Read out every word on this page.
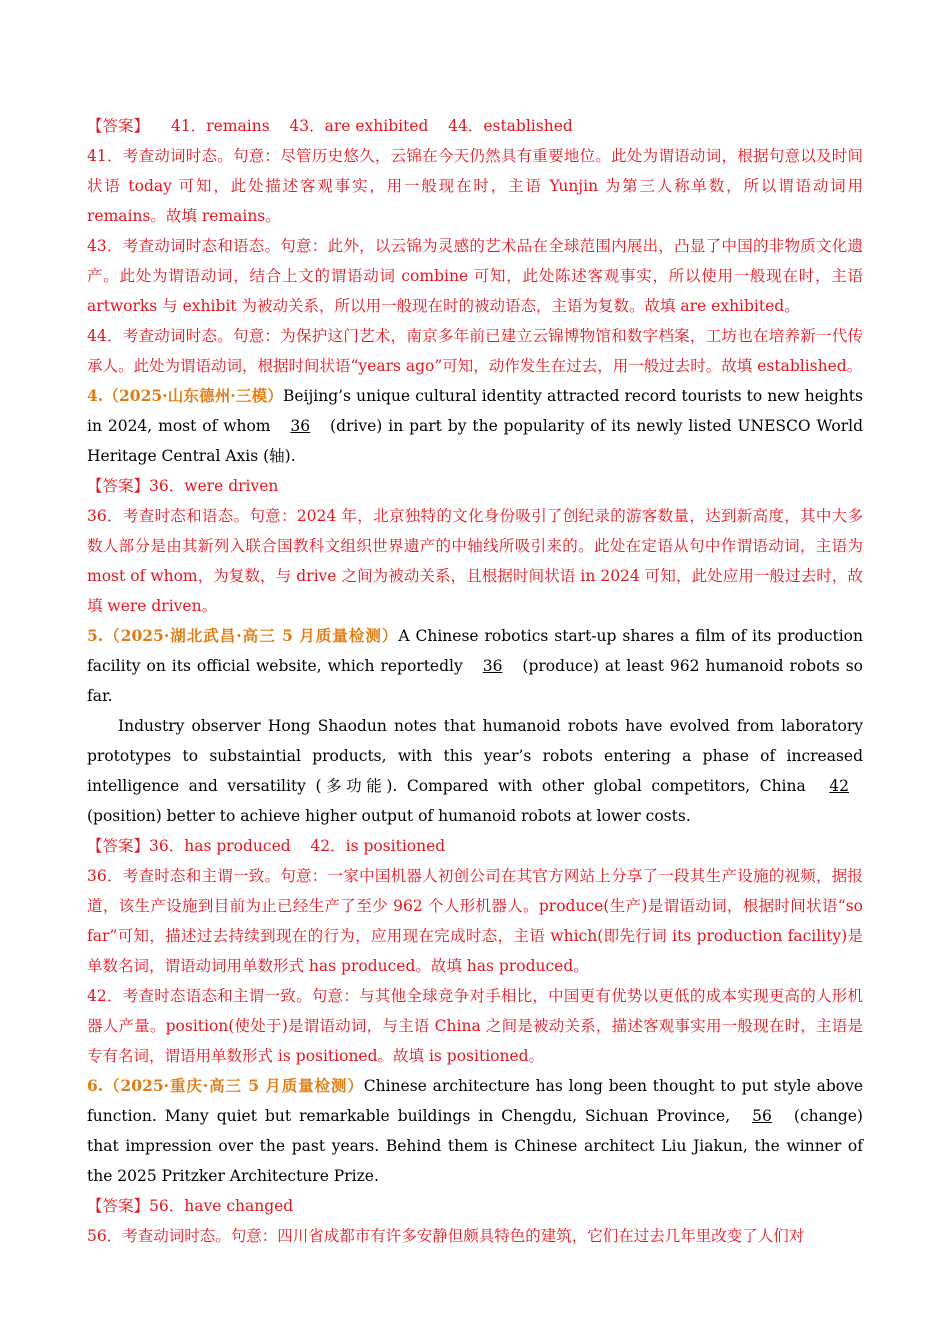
【答案】 41．remains    43．are exhibited    44．established

41．考查动词时态。句意：尽管历史悠久，云锦在今天仍然具有重要地位。此处为谓语动词，根据句意以及时间状语 today 可知，此处描述客观事实，用一般现在时，主语 Yunjin 为第三人称单数，所以谓语动词用 remains。故填 remains。

43．考查动词时态和语态。句意：此外，以云锦为灵感的艺术品在全球范围内展出，凸显了中国的非物质文化遗产。此处为谓语动词，结合上文的谓语动词 combine 可知，此处陈述客观事实，所以使用一般现在时，主语 artworks 与 exhibit 为被动关系，所以用一般现在时的被动语态，主语为复数。故填 are exhibited。

44．考查动词时态。句意：为保护这门艺术，南京多年前已建立云锦博物馆和数字档案，工坊也在培养新一代传承人。此处为谓语动词，根据时间状语“years ago”可知，动作发生在过去，用一般过去时。故填 established。

4.（2025·山东德州·三模）Beijing’s unique cultural identity attracted record tourists to new heights in 2024, most of whom 36 (drive) in part by the popularity of its newly listed UNESCO World Heritage Central Axis (轴).

【答案】36．were driven

36．考查时态和语态。句意：2024 年，北京独特的文化身份吸引了创纪录的游客数量，达到新高度，其中大多数人部分是由其新列入联合国教科文组织世界遗产的中轴线所吸引来的。此处在定语从句中作谓语动词，主语为 most of whom，为复数，与 drive 之间为被动关系，且根据时间状语 in 2024 可知，此处应用一般过去时，故填 were driven。

5.（2025·湖北武昌·高三 5 月质量检测）A Chinese robotics start-up shares a film of its production facility on its official website, which reportedly 36 (produce) at least 962 humanoid robots so far.

Industry observer Hong Shaodun notes that humanoid robots have evolved from laboratory prototypes to substaintial products, with this year’s robots entering a phase of increased intelligence and versatility (多功能). Compared with other global competitors, China 42 (position) better to achieve higher output of humanoid robots at lower costs.

【答案】36．has produced    42．is positioned

36．考查时态和主谓一致。句意：一家中国机器人初创公司在其官方网站上分享了一段其生产设施的视频，据报道，该生产设施到目前为止已经生产了至少 962 个人形机器人。produce(生产)是谓语动词，根据时间状语“so far”可知，描述过去持续到现在的行为，应用现在完成时态，主语 which(即先行词 its production facility)是单数名词，谓语动词用单数形式 has produced。故填 has produced。

42．考查时态语态和主谓一致。句意：与其他全球竞争对手相比，中国更有优势以更低的成本实现更高的人形机器人产量。position(使处于)是谓语动词，与主语 China 之间是被动关系，描述客观事实用一般现在时，主语是专有名词，谓语用单数形式 is positioned。故填 is positioned。

6.（2025·重庆·高三 5 月质量检测）Chinese architecture has long been thought to put style above function. Many quiet but remarkable buildings in Chengdu, Sichuan Province, 56 (change) that impression over the past years. Behind them is Chinese architect Liu Jiakun, the winner of the 2025 Pritzker Architecture Prize.

【答案】56．have changed

56．考查动词时态。句意：四川省成都市有许多安静但颇具特色的建筑，它们在过去几年里改变了人们对
